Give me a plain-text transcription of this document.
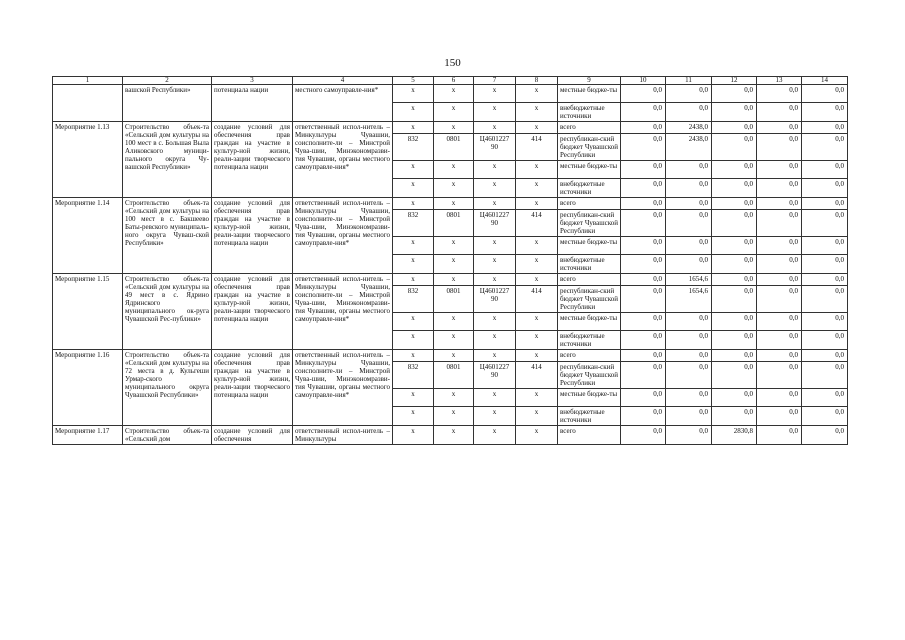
150
1	2	3	4	5	6	7	8	9	10	11	12	13	14
	вашской Республики»	потенциала нации	местного самоуправле-ния*	x	x	x	x	местные бюдже-ты	0,0	0,0	0,0	0,0	0,0
				x	x	x	x	внебюджетные источники	0,0	0,0	0,0	0,0	0,0
Мероприятие 1.13	Строительство объек-та «Сельский дом культуры на 100 мест в с. Большая Выла Аликовского муници-пального округа Чу-вашской Республики»	создание условий для обеспечения прав граждан на участие в культур-ной жизни, реали-зации творческого потенциала нации	ответственный испол-нитель – Минкультуры Чувашии, соисполните-ли – Минстрой Чува-шии, Минэкономразви-тия Чувашии, органы местного самоуправле-ния*	x	x	x	x	всего	0,0	2438,0	0,0	0,0	0,0
				832	0801	Ц4601227 90	414	республикан-ский бюджет Чувашской Республики	0,0	2438,0	0,0	0,0	0,0
				x	x	x	x	местные бюдже-ты	0,0	0,0	0,0	0,0	0,0
				x	x	x	x	внебюджетные источники	0,0	0,0	0,0	0,0	0,0
Мероприятие 1.14	Строительство объек-та «Сельский дом культуры на 100 мест в с. Бакшеево Баты-ревского муниципаль-ного округа Чуваш-ской Республики»	создание условий для обеспечения прав граждан на участие в культур-ной жизни, реали-зации творческого потенциала нации	ответственный испол-нитель – Минкультуры Чувашии, соисполните-ли – Минстрой Чува-шии, Минэкономразви-тия Чувашии, органы местного самоуправле-ния*	x	x	x	x	всего	0,0	0,0	0,0	0,0	0,0
				832	0801	Ц4601227 90	414	республикан-ский бюджет Чувашской Республики	0,0	0,0	0,0	0,0	0,0
				x	x	x	x	местные бюдже-ты	0,0	0,0	0,0	0,0	0,0
				x	x	x	x	внебюджетные источники	0,0	0,0	0,0	0,0	0,0
Мероприятие 1.15	Строительство объек-та «Сельский дом культуры на 49 мест в с. Ядрино Ядринского муниципального ок-руга Чувашской Рес-публики»	создание условий для обеспечения прав граждан на участие в культур-ной жизни, реали-зации творческого потенциала нации	ответственный испол-нитель – Минкультуры Чувашии, соисполните-ли – Минстрой Чува-шии, Минэкономразви-тия Чувашии, органы местного самоуправле-ния*	x	x	x	x	всего	0,0	1654,6	0,0	0,0	0,0
				832	0801	Ц4601227 90	414	республикан-ский бюджет Чувашской Республики	0,0	1654,6	0,0	0,0	0,0
				x	x	x	x	местные бюдже-ты	0,0	0,0	0,0	0,0	0,0
				x	x	x	x	внебюджетные источники	0,0	0,0	0,0	0,0	0,0
Мероприятие 1.16	Строительство объек-та «Сельский дом культуры на 72 места в д. Кульгеши Урмар-ского муниципального округа Чувашской Республики»	создание условий для обеспечения прав граждан на участие в культур-ной жизни, реали-зации творческого потенциала нации	ответственный испол-нитель – Минкультуры Чувашии, соисполните-ли – Минстрой Чува-шии, Минэкономразви-тия Чувашии, органы местного самоуправле-ния*	x	x	x	x	всего	0,0	0,0	0,0	0,0	0,0
				832	0801	Ц4601227 90	414	республикан-ский бюджет Чувашской Республики	0,0	0,0	0,0	0,0	0,0
				x	x	x	x	местные бюдже-ты	0,0	0,0	0,0	0,0	0,0
				x	x	x	x	внебюджетные источники	0,0	0,0	0,0	0,0	0,0
Мероприятие 1.17	Строительство объек-та «Сельский дом	создание условий для обеспечения	ответственный испол-нитель – Минкультуры	x	x	x	x	всего	0,0	0,0	2830,8	0,0	0,0
